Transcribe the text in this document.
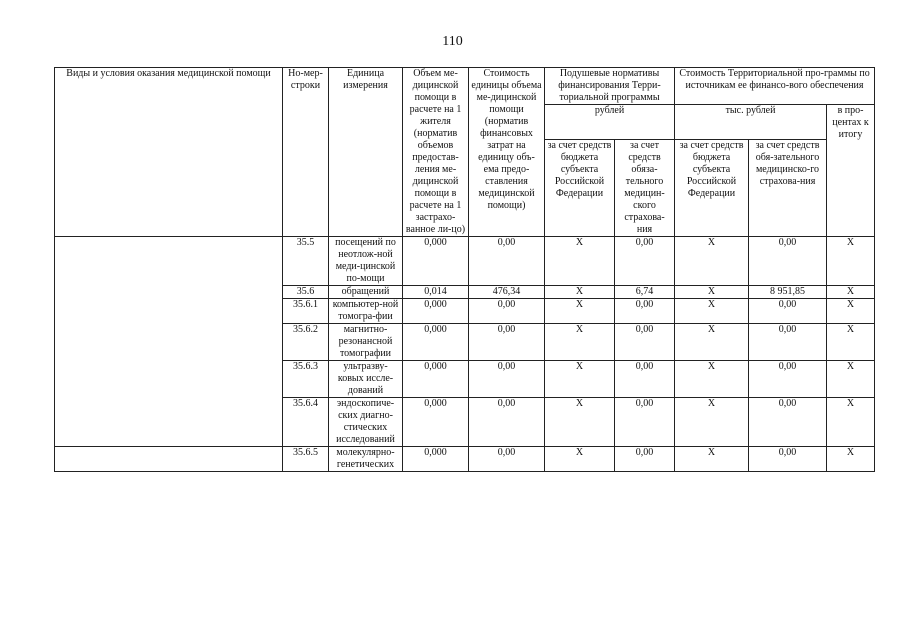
110
Виды и условия оказания медицинской помощи	Но-мер-строки	Единица измерения	Объем ме-дицинской помощи в расчете на 1 жителя (норматив объемов предостав-ления ме-дицинской помощи в расчете на 1 застрахо-ванное ли-цо)	Стоимость единицы объема ме-дицинской помощи (норматив финансовых затрат на единицу объ-ема предо-ставления медицинской помощи)	Подушевые нормативы финансирования Терри-ториальной программы		Стоимость Территориальной про-граммы по источникам ее финансо-вого обеспечения		
					рублей		тыс. рублей		в про-центах к итогу
					за счет средств бюджета субъекта Российской Федерации	за счет средств обяза-тельного медицин-ского страхова-ния	за счет средств бюджета субъекта Российской Федерации	за счет средств обя-зательного медицинско-го страхова-ния	
	35.5	посещений по неотлож-ной меди-цинской по-мощи	0,000	0,00	X	0,00	X	0,00	X
	35.6	обращений	0,014	476,34	X	6,74	X	8 951,85	X
	35.6.1	компьютер-ной томогра-фии	0,000	0,00	X	0,00	X	0,00	X
	35.6.2	магнитно-резонансной томографии	0,000	0,00	X	0,00	X	0,00	X
	35.6.3	ультразву-ковых иссле-дований	0,000	0,00	X	0,00	X	0,00	X
	35.6.4	эндоскопиче-ских диагно-стических исследований	0,000	0,00	X	0,00	X	0,00	X
	35.6.5	молекулярно-генетических	0,000	0,00	X	0,00	X	0,00	X
